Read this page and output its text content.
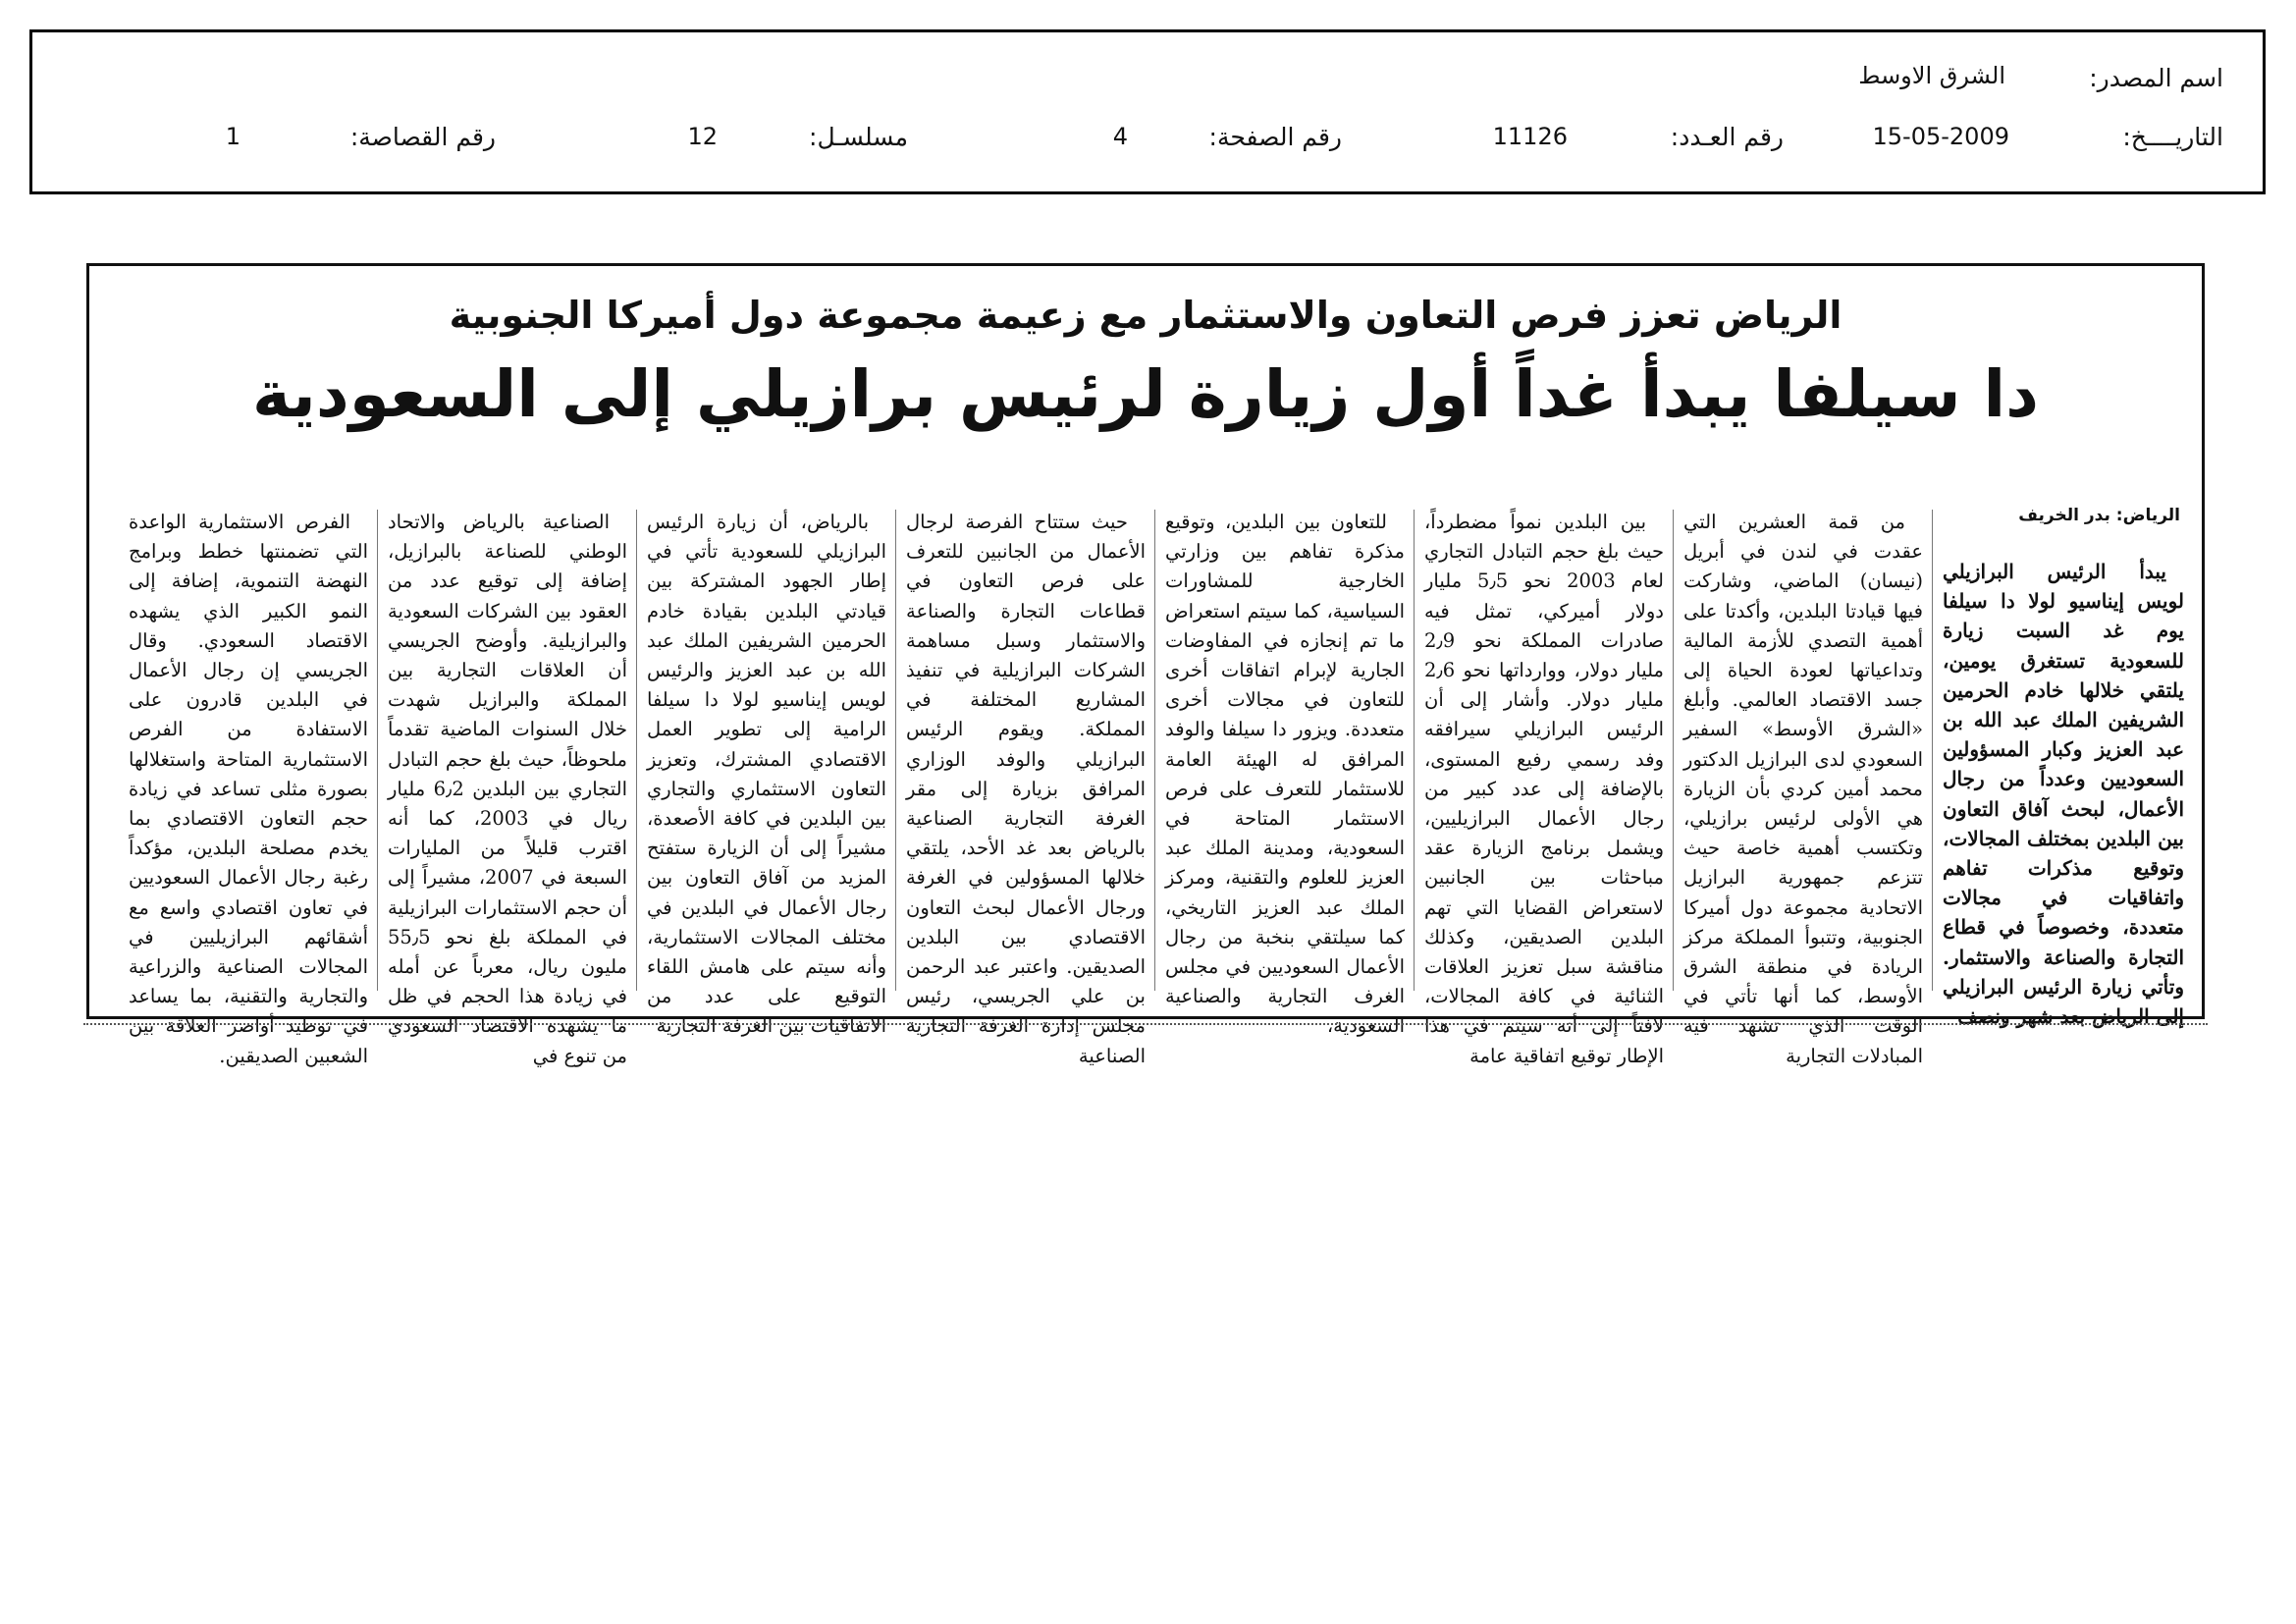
اسم المصدر:
الشرق الاوسط
التاريــــخ:
15-05-2009
رقم العـدد:
11126
رقم الصفحة:
4
مسلسـل:
12
رقم القصاصة:
1
الرياض تعزز فرص التعاون والاستثمار مع زعيمة مجموعة دول أميركا الجنوبية
دا سيلفا يبدأ غداً أول زيارة لرئيس برازيلي إلى السعودية
الرياض: بدر الخريف

يبدأ الرئيس البرازيلي لويس إيناسيو لولا دا سيلفا يوم غد السبت زيارة للسعودية تستغرق يومين، يلتقي خلالها خادم الحرمين الشريفين الملك عبد الله بن عبد العزيز وكبار المسؤولين السعوديين وعدداً من رجال الأعمال، لبحث آفاق التعاون بين البلدين بمختلف المجالات، وتوقيع مذكرات تفاهم واتفاقيات في مجالات متعددة، وخصوصاً في قطاع التجارة والصناعة والاستثمار. وتأتي زيارة الرئيس البرازيلي إلى الرياض بعد شهر ونصف

من قمة العشرين التي عقدت في لندن في أبريل (نيسان) الماضي، وشاركت فيها قيادتا البلدين، وأكدتا على أهمية التصدي للأزمة المالية وتداعياتها لعودة الحياة إلى جسد الاقتصاد العالمي. وأبلغ «الشرق الأوسط» السفير السعودي لدى البرازيل الدكتور محمد أمين كردي بأن الزيارة هي الأولى لرئيس برازيلي، وتكتسب أهمية خاصة حيث تتزعم جمهورية البرازيل الاتحادية مجموعة دول أميركا الجنوبية، وتتبوأ المملكة مركز الريادة في منطقة الشرق الأوسط، كما أنها تأتي في الوقت الذي تشهد فيه المبادلات التجارية

بين البلدين نمواً مضطرداً، حيث بلغ حجم التبادل التجاري لعام 2003 نحو 5٫5 مليار دولار أميركي، تمثل فيه صادرات المملكة نحو 2٫9 مليار دولار، ووارداتها نحو 2٫6 مليار دولار. وأشار إلى أن الرئيس البرازيلي سيرافقه وفد رسمي رفيع المستوى، بالإضافة إلى عدد كبير من رجال الأعمال البرازيليين، ويشمل برنامج الزيارة عقد مباحثات بين الجانبين لاستعراض القضايا التي تهم البلدين الصديقين، وكذلك مناقشة سبل تعزيز العلاقات الثنائية في كافة المجالات، لافتاً إلى أنه سيتم في هذا الإطار توقيع اتفاقية عامة

للتعاون بين البلدين، وتوقيع مذكرة تفاهم بين وزارتي الخارجية للمشاورات السياسية، كما سيتم استعراض ما تم إنجازه في المفاوضات الجارية لإبرام اتفاقات أخرى للتعاون في مجالات أخرى متعددة. ويزور دا سيلفا والوفد المرافق له الهيئة العامة للاستثمار للتعرف على فرص الاستثمار المتاحة في السعودية، ومدينة الملك عبد العزيز للعلوم والتقنية، ومركز الملك عبد العزيز التاريخي، كما سيلتقي بنخبة من رجال الأعمال السعوديين في مجلس الغرف التجارية والصناعية السعودية،

حيث ستتاح الفرصة لرجال الأعمال من الجانبين للتعرف على فرص التعاون في قطاعات التجارة والصناعة والاستثمار وسبل مساهمة الشركات البرازيلية في تنفيذ المشاريع المختلفة في المملكة. ويقوم الرئيس البرازيلي والوفد الوزاري المرافق بزيارة إلى مقر الغرفة التجارية الصناعية بالرياض بعد غد الأحد، يلتقي خلالها المسؤولين في الغرفة ورجال الأعمال لبحث التعاون الاقتصادي بين البلدين الصديقين. واعتبر عبد الرحمن بن علي الجريسي، رئيس مجلس إدارة الغرفة التجارية الصناعية

بالرياض، أن زيارة الرئيس البرازيلي للسعودية تأتي في إطار الجهود المشتركة بين قيادتي البلدين بقيادة خادم الحرمين الشريفين الملك عبد الله بن عبد العزيز والرئيس لويس إيناسيو لولا دا سيلفا الرامية إلى تطوير العمل الاقتصادي المشترك، وتعزيز التعاون الاستثماري والتجاري بين البلدين في كافة الأصعدة، مشيراً إلى أن الزيارة ستفتح المزيد من آفاق التعاون بين رجال الأعمال في البلدين في مختلف المجالات الاستثمارية، وأنه سيتم على هامش اللقاء التوقيع على عدد من الاتفاقيات بين الغرفة التجارية

الصناعية بالرياض والاتحاد الوطني للصناعة بالبرازيل، إضافة إلى توقيع عدد من العقود بين الشركات السعودية والبرازيلية. وأوضح الجريسي أن العلاقات التجارية بين المملكة والبرازيل شهدت خلال السنوات الماضية تقدماً ملحوظاً، حيث بلغ حجم التبادل التجاري بين البلدين 6٫2 مليار ريال في 2003، كما أنه اقترب قليلاً من المليارات السبعة في 2007، مشيراً إلى أن حجم الاستثمارات البرازيلية في المملكة بلغ نحو 55٫5 مليون ريال، معرباً عن أمله في زيادة هذا الحجم في ظل ما يشهده الاقتصاد السعودي من تنوع في

الفرص الاستثمارية الواعدة التي تضمنتها خطط وبرامج النهضة التنموية، إضافة إلى النمو الكبير الذي يشهده الاقتصاد السعودي. وقال الجريسي إن رجال الأعمال في البلدين قادرون على الاستفادة من الفرص الاستثمارية المتاحة واستغلالها بصورة مثلى تساعد في زيادة حجم التعاون الاقتصادي بما يخدم مصلحة البلدين، مؤكداً رغبة رجال الأعمال السعوديين في تعاون اقتصادي واسع مع أشقائهم البرازيليين في المجالات الصناعية والزراعية والتجارية والتقنية، بما يساعد في توطيد أواصر العلاقة بين الشعبين الصديقين.
